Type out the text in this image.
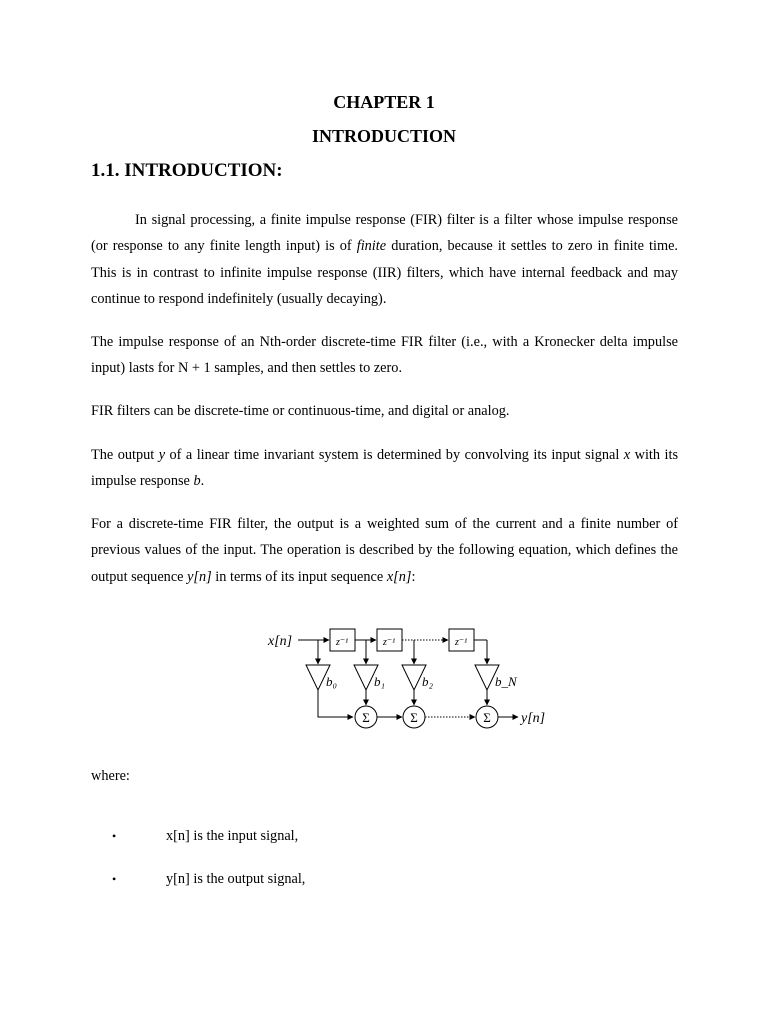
CHAPTER 1
INTRODUCTION
1.1. INTRODUCTION:

In signal processing, a finite impulse response (FIR) filter is a filter whose impulse response (or response to any finite length input) is of finite duration, because it settles to zero in finite time. This is in contrast to infinite impulse response (IIR) filters, which have internal feedback and may continue to respond indefinitely (usually decaying).

The impulse response of an Nth-order discrete-time FIR filter (i.e., with a Kronecker delta impulse input) lasts for N + 1 samples, and then settles to zero.

FIR filters can be discrete-time or continuous-time, and digital or analog.

The output y of a linear time invariant system is determined by convolving its input signal x with its impulse response b.

For a discrete-time FIR filter, the output is a weighted sum of the current and a finite number of previous values of the input. The operation is described by the following equation, which defines the output sequence y[n] in terms of its input sequence x[n]:

x[n]	z⁻¹	z⁻¹	z⁻¹
b₀	b₁	b₂	b_N
Σ	Σ	Σ y[n]
where:
•	x[n] is the input signal,
•	y[n] is the output signal,
